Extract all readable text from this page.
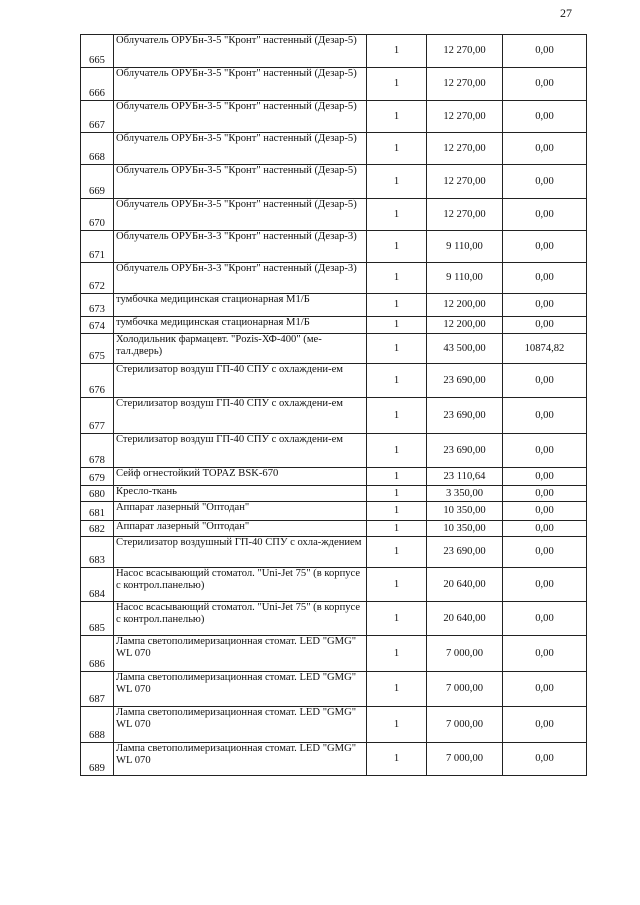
27
665	Облучатель ОРУБн-3-5 "Кронт" настенный (Дезар-5)	1	12 270,00	0,00
666	Облучатель ОРУБн-3-5 "Кронт" настенный (Дезар-5)	1	12 270,00	0,00
667	Облучатель ОРУБн-3-5 "Кронт" настенный (Дезар-5)	1	12 270,00	0,00
668	Облучатель ОРУБн-3-5 "Кронт" настенный (Дезар-5)	1	12 270,00	0,00
669	Облучатель ОРУБн-3-5 "Кронт" настенный (Дезар-5)	1	12 270,00	0,00
670	Облучатель ОРУБн-3-5 "Кронт" настенный (Дезар-5)	1	12 270,00	0,00
671	Облучатель ОРУБн-3-3 "Кронт" настенный (Дезар-3)	1	9 110,00	0,00
672	Облучатель ОРУБн-3-3 "Кронт" настенный (Дезар-3)	1	9 110,00	0,00
673	тумбочка медицинская стационарная М1/Б	1	12 200,00	0,00
674	тумбочка медицинская стационарная М1/Б	1	12 200,00	0,00
675	Холодильник фармацевт. "Pozis-ХФ-400" (ме-тал.дверь)	1	43 500,00	10874,82
676	Стерилизатор воздуш ГП-40 СПУ с охлаждени-ем	1	23 690,00	0,00
677	Стерилизатор воздуш ГП-40 СПУ с охлаждени-ем	1	23 690,00	0,00
678	Стерилизатор воздуш ГП-40 СПУ с охлаждени-ем	1	23 690,00	0,00
679	Сейф огнестойкий TOPAZ BSK-670	1	23 110,64	0,00
680	Кресло-ткань	1	3 350,00	0,00
681	Аппарат лазерный "Оптодан"	1	10 350,00	0,00
682	Аппарат лазерный "Оптодан"	1	10 350,00	0,00
683	Стерилизатор воздушный ГП-40 СПУ с охла-ждением	1	23 690,00	0,00
684	Насос всасывающий стоматол. "Uni-Jet 75" (в корпусе с контрол.панелью)	1	20 640,00	0,00
685	Насос всасывающий стоматол. "Uni-Jet 75" (в корпусе с контрол.панелью)	1	20 640,00	0,00
686	Лампа светополимеризационная стомат. LED "GMG" WL 070	1	7 000,00	0,00
687	Лампа светополимеризационная стомат. LED "GMG" WL 070	1	7 000,00	0,00
688	Лампа светополимеризационная стомат. LED "GMG" WL 070	1	7 000,00	0,00
689	Лампа светополимеризационная стомат. LED "GMG" WL 070	1	7 000,00	0,00
